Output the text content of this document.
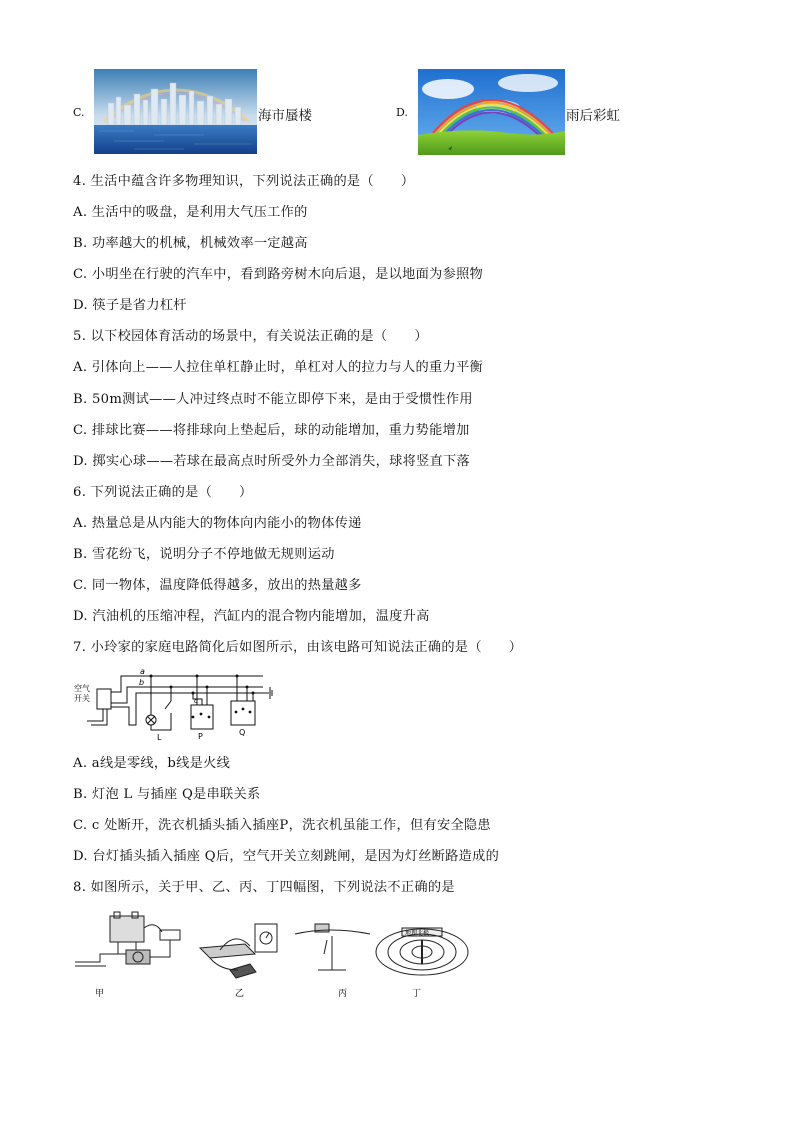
C.	海市蜃楼	D.	雨后彩虹
4. 生活中蕴含许多物理知识，下列说法正确的是（　　）
A. 生活中的吸盘，是利用大气压工作的
B. 功率越大的机械，机械效率一定越高
C. 小明坐在行驶的汽车中，看到路旁树木向后退，是以地面为参照物
D. 筷子是省力杠杆
5. 以下校园体育活动的场景中，有关说法正确的是（　　）
A. 引体向上——人拉住单杠静止时，单杠对人的拉力与人的重力平衡
B. 50m测试——人冲过终点时不能立即停下来，是由于受惯性作用
C. 排球比赛——将排球向上垫起后，球的动能增加，重力势能增加
D. 掷实心球——若球在最高点时所受外力全部消失，球将竖直下落
6. 下列说法正确的是（　　）
A. 热量总是从内能大的物体向内能小的物体传递
B. 雪花纷飞，说明分子不停地做无规则运动
C. 同一物体，温度降低得越多，放出的热量越多
D. 汽油机的压缩冲程，汽缸内的混合物内能增加，温度升高
7. 小玲家的家庭电路简化后如图所示，由该电路可知说法正确的是（　　）
空气
开关
a
b
c
L	P	Q
A. a线是零线，b线是火线
B. 灯泡 L 与插座 Q是串联关系
C. c 处断开，洗衣机插头插入插座P，洗衣机虽能工作，但有安全隐患
D. 台灯插头插入插座 Q后，空气开关立刻跳闸，是因为灯丝断路造成的
8. 如图所示，关于甲、乙、丙、丁四幅图，下列说法不正确的是
地理北极
甲	乙	丙	丁
